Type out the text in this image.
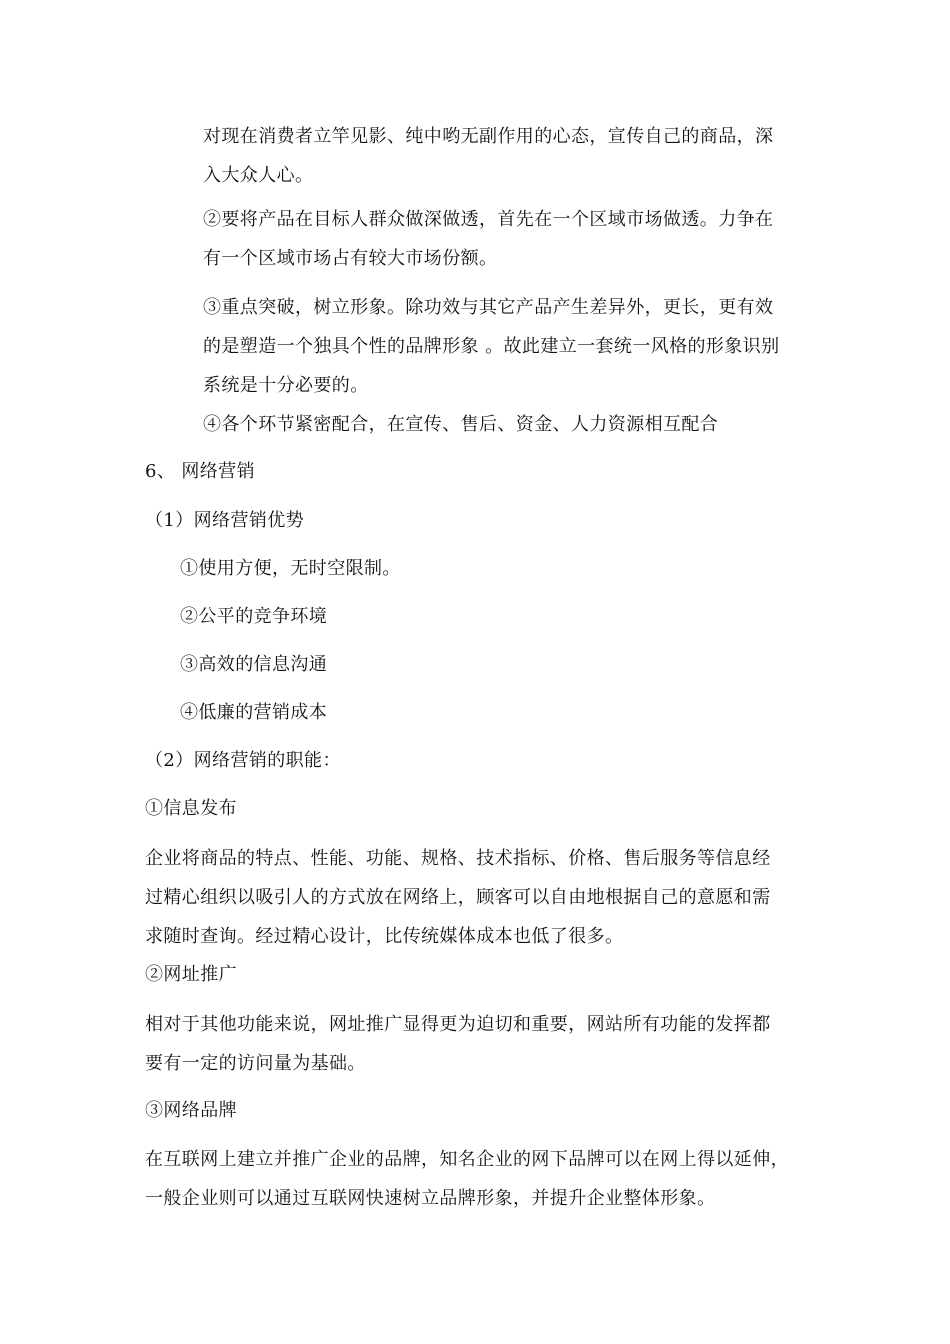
对现在消费者立竿见影、纯中哟无副作用的心态，宣传自己的商品，深
入大众人心。

②要将产品在目标人群众做深做透，首先在一个区域市场做透。力争在
有一个区域市场占有较大市场份额。

③重点突破，树立形象。除功效与其它产品产生差异外，更长，更有效
的是塑造一个独具个性的品牌形象 。故此建立一套统一风格的形象识别
系统是十分必要的。

④各个环节紧密配合，在宣传、售后、资金、人力资源相互配合

6、 网络营销

（1）网络营销优势

①使用方便，无时空限制。

②公平的竞争环境

③高效的信息沟通

④低廉的营销成本

（2）网络营销的职能：

①信息发布

企业将商品的特点、性能、功能、规格、技术指标、价格、售后服务等信息经
过精心组织以吸引人的方式放在网络上，顾客可以自由地根据自己的意愿和需
求随时查询。经过精心设计，比传统媒体成本也低了很多。

②网址推广

相对于其他功能来说，网址推广显得更为迫切和重要，网站所有功能的发挥都
要有一定的访问量为基础。

③网络品牌

在互联网上建立并推广企业的品牌，知名企业的网下品牌可以在网上得以延伸，
一般企业则可以通过互联网快速树立品牌形象，并提升企业整体形象。
